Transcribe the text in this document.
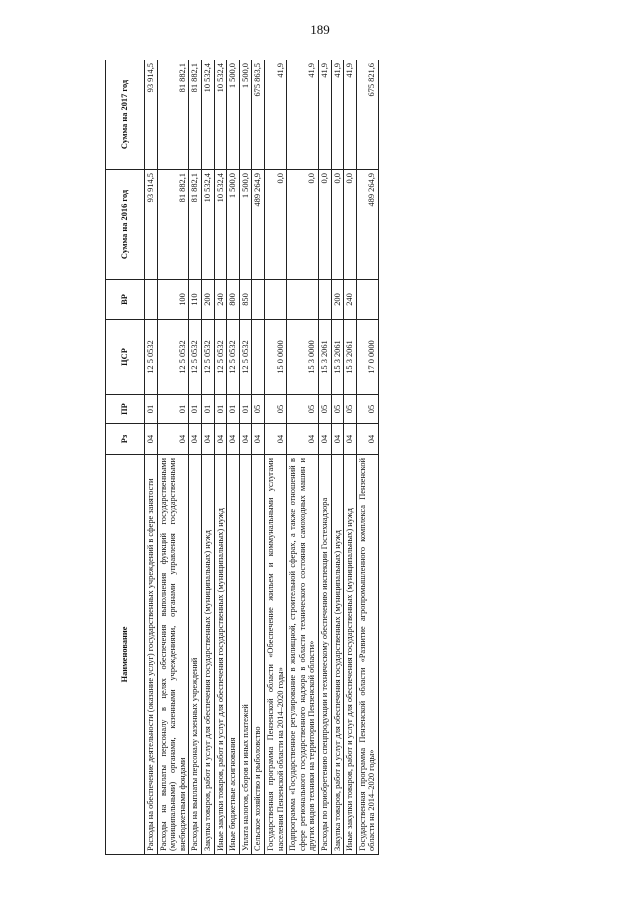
189
Наименование	Рз	ПР	ЦСР	ВР	Сумма на 2016 год	Сумма на 2017 год
Расходы на обеспечение деятельности (оказание услуг) государственных учреждений в сфере занятости	04	01	12 5 0532		93 914,5	93 914,5
Расходы на выплаты персоналу в целях обеспечения выполнения функций государственными (муниципальными) органами, казенными учреждениями, органами управления государственными внебюджетными фондами	04	01	12 5 0532	100	81 882,1	81 882,1
Расходы на выплаты персоналу казенных учреждений	04	01	12 5 0532	110	81 882,1	81 882,1
Закупка товаров, работ и услуг для обеспечения государственных (муниципальных) нужд	04	01	12 5 0532	200	10 532,4	10 532,4
Иные закупки товаров, работ и услуг для обеспечения государственных (муниципальных) нужд	04	01	12 5 0532	240	10 532,4	10 532,4
Иные бюджетные ассигнования	04	01	12 5 0532	800	1 500,0	1 500,0
Уплата налогов, сборов и иных платежей	04	01	12 5 0532	850	1 500,0	1 500,0
Сельское хозяйство и рыболовство	04	05			489 264,9	675 863,5
Государственная программа Пензенской области «Обеспечение жильем и коммунальными услугами населения Пензенской области на 2014–2020 годы»	04	05	15 0 0000		0,0	41,9
Подпрограмма «Государственное регулирование в жилищной, строительной сферах, а также отношений в сфере регионального государственного надзора в области технического состояния самоходных машин и других видов техники на территории Пензенской области»	04	05	15 3 0000		0,0	41,9
Расходы по приобретению спецпродукции и техническому обеспечению инспекции Гостехнадзора	04	05	15 3 2061		0,0	41,9
Закупка товаров, работ и услуг для обеспечения государственных (муниципальных) нужд	04	05	15 3 2061	200	0,0	41,9
Иные закупки товаров, работ и услуг для обеспечения государственных (муниципальных) нужд	04	05	15 3 2061	240	0,0	41,9
Государственная программа Пензенской области «Развитие агропромышленного комплекса Пензенской области на 2014–2020 годы»	04	05	17 0 0000		489 264,9	675 821,6
